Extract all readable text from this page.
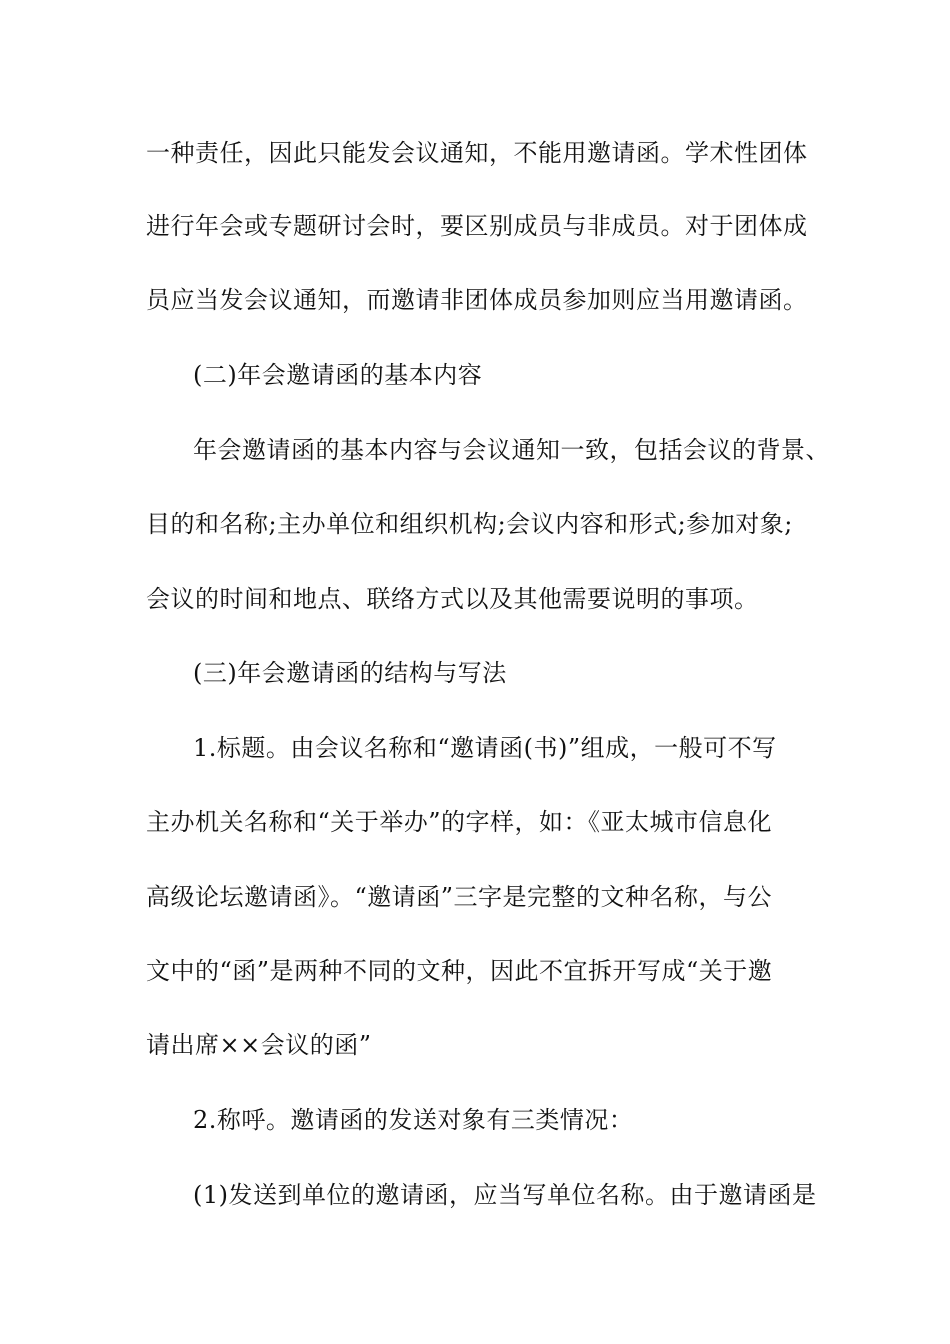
一种责任，因此只能发会议通知，不能用邀请函。学术性团体
进行年会或专题研讨会时，要区别成员与非成员。对于团体成
员应当发会议通知，而邀请非团体成员参加则应当用邀请函。
(二)年会邀请函的基本内容
年会邀请函的基本内容与会议通知一致，包括会议的背景、
目的和名称;主办单位和组织机构;会议内容和形式;参加对象;
会议的时间和地点、联络方式以及其他需要说明的事项。
(三)年会邀请函的结构与写法
1.标题。由会议名称和“邀请函(书)”组成，一般可不写
主办机关名称和“关于举办”的字样，如：《亚太城市信息化
高级论坛邀请函》。“邀请函”三字是完整的文种名称，与公
文中的“函”是两种不同的文种，因此不宜拆开写成“关于邀
请出席××会议的函”
2.称呼。邀请函的发送对象有三类情况：
(1)发送到单位的邀请函，应当写单位名称。由于邀请函是
